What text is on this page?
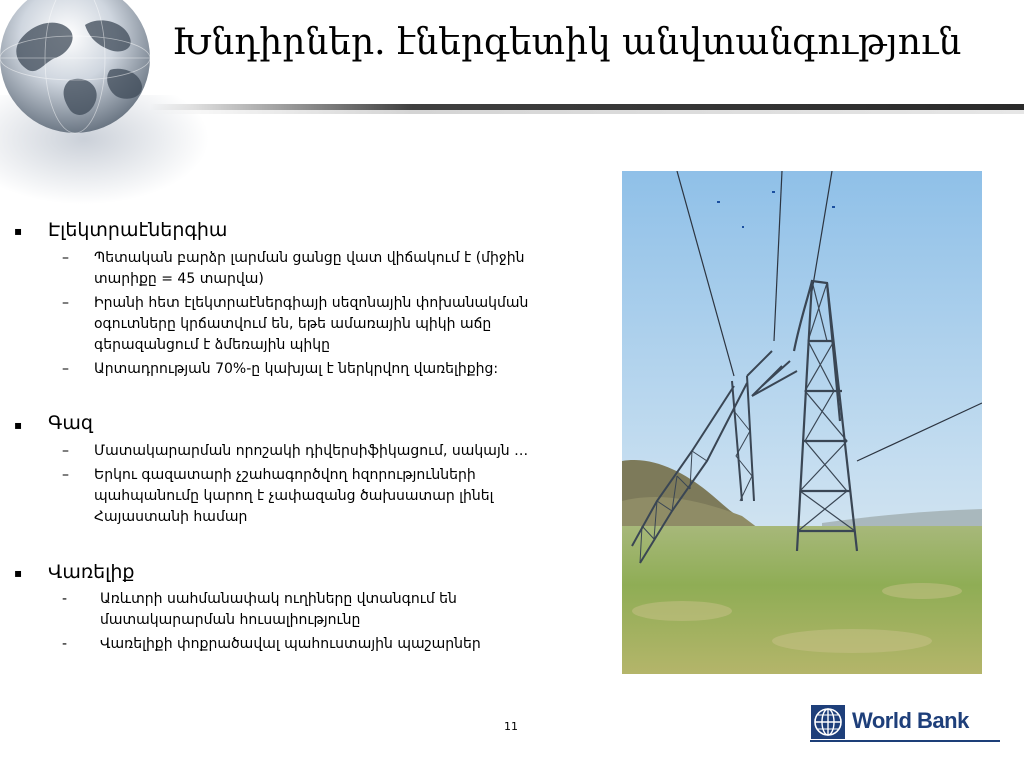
Խնդիրներ. էներգետիկ անվտանգություն
▪ Էլեկտրաէներգիա
– Պետական բարձր լարման ցանցը վատ վիճակում է (միջին տարիքը = 45 տարվա)
– Իրանի հետ էլեկտրաէներգիայի սեզոնային փոխանակման օգուտները կրճատվում են, եթե ամառային պիկի աճը գերազանցում է ձմեռային պիկը
– Արտադրության 70%-ը կախյալ է ներկրվող վառելիքից:
▪ Գազ
– Մատակարարման որոշակի դիվերսիֆիկացում, սակայն …
– Երկու գազատարի չշահագործվող հզորությունների պահպանումը կարող է չափազանց ծախսատար լինել Հայաստանի համար
▪ Վառելիք
- Առևտրի սահմանափակ ուղիները վտանգում են մատակարարման հուսալիությունը
- Վառելիքի փոքրածավալ պահուստային պաշարներ
11	World Bank
